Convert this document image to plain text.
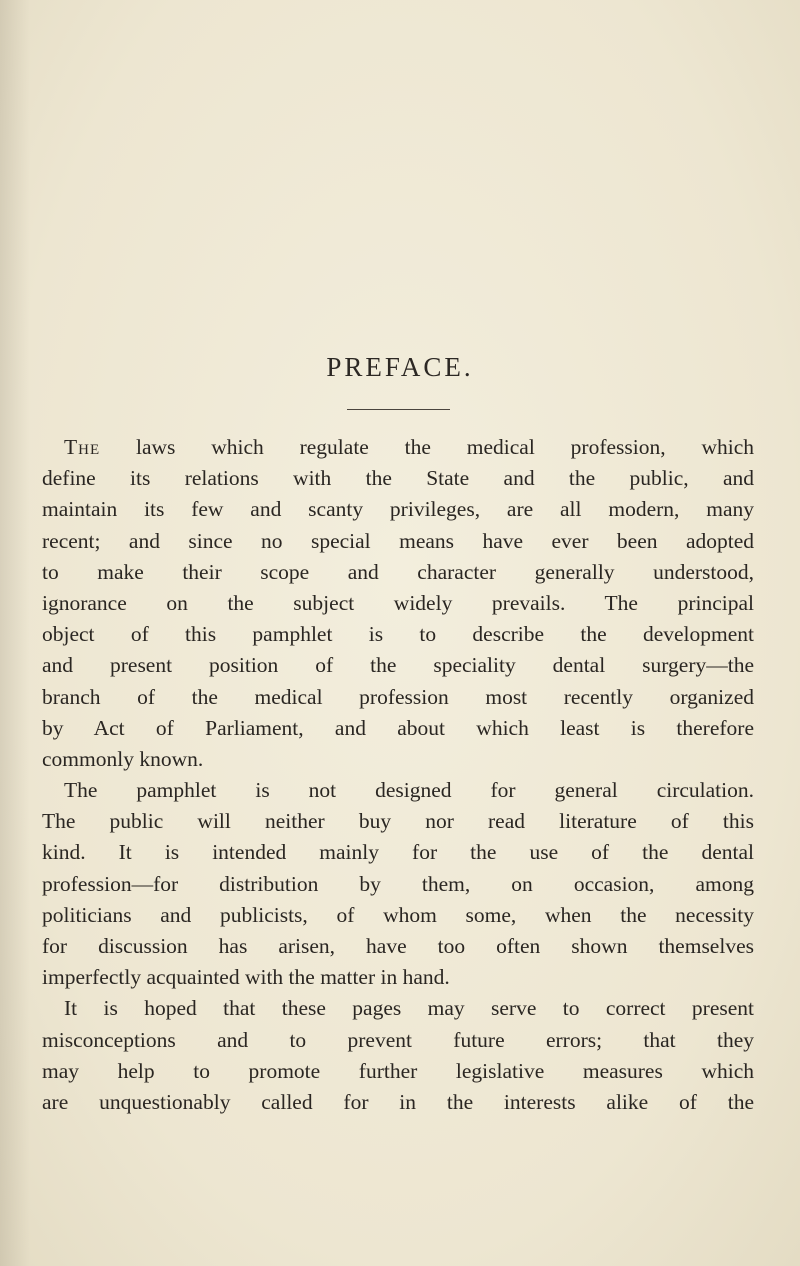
PREFACE.
The laws which regulate the medical profession, which
define its relations with the State and the public, and
maintain its few and scanty privileges, are all modern, many
recent; and since no special means have ever been adopted
to make their scope and character generally understood,
ignorance on the subject widely prevails. The principal
object of this pamphlet is to describe the development
and present position of the speciality dental surgery—the
branch of the medical profession most recently organized
by Act of Parliament, and about which least is therefore
commonly known.
The pamphlet is not designed for general circulation.
The public will neither buy nor read literature of this
kind. It is intended mainly for the use of the dental
profession—for distribution by them, on occasion, among
politicians and publicists, of whom some, when the necessity
for discussion has arisen, have too often shown themselves
imperfectly acquainted with the matter in hand.
It is hoped that these pages may serve to correct present
misconceptions and to prevent future errors; that they
may help to promote further legislative measures which
are unquestionably called for in the interests alike of the
